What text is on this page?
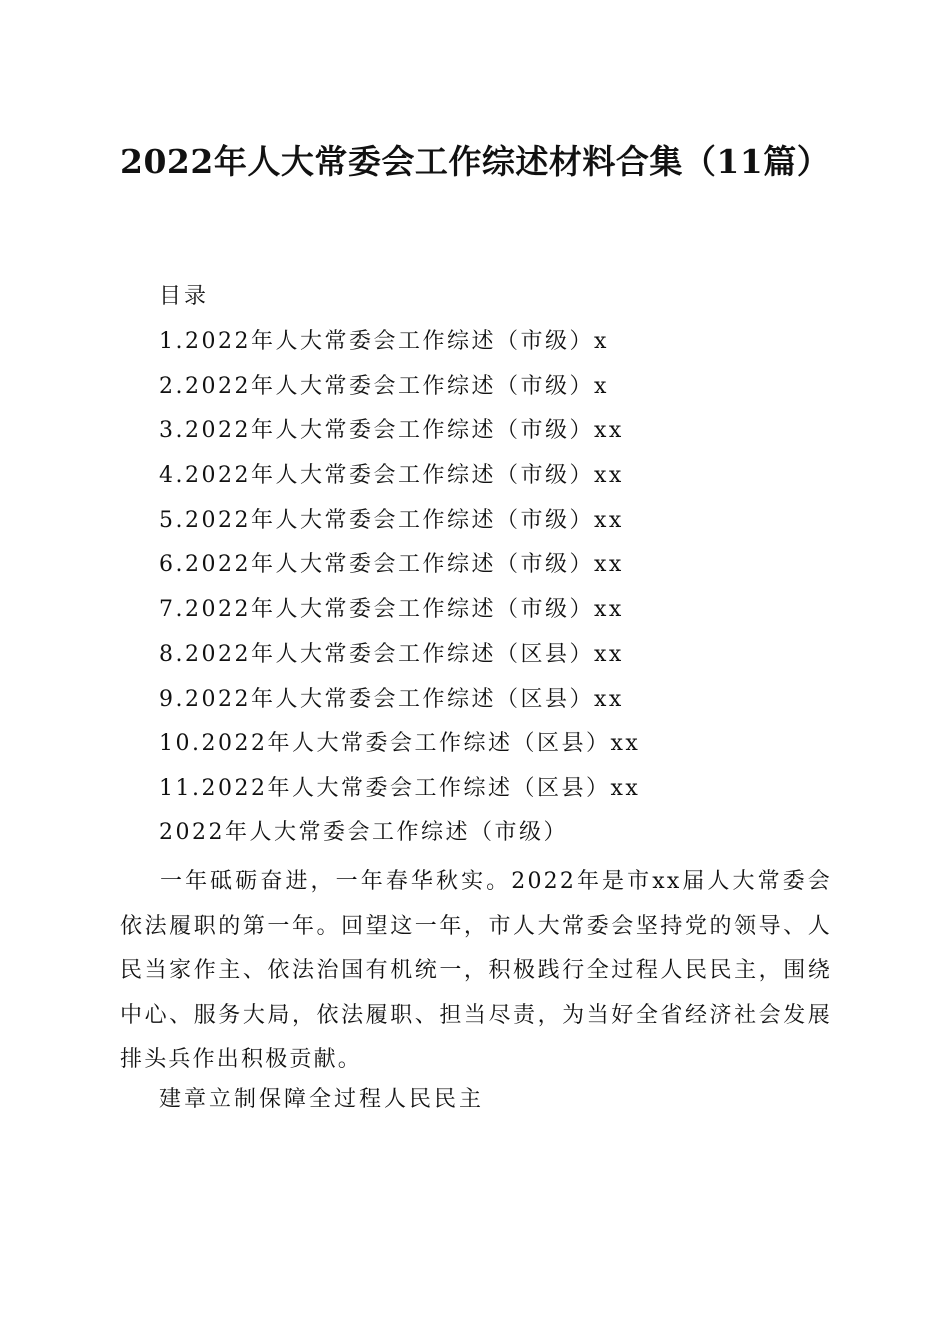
2022年人大常委会工作综述材料合集（11篇）
目录
1.2022年人大常委会工作综述（市级）x
2.2022年人大常委会工作综述（市级）x
3.2022年人大常委会工作综述（市级）xx
4.2022年人大常委会工作综述（市级）xx
5.2022年人大常委会工作综述（市级）xx
6.2022年人大常委会工作综述（市级）xx
7.2022年人大常委会工作综述（市级）xx
8.2022年人大常委会工作综述（区县）xx
9.2022年人大常委会工作综述（区县）xx
10.2022年人大常委会工作综述（区县）xx
11.2022年人大常委会工作综述（区县）xx
2022年人大常委会工作综述（市级）

一年砥砺奋进，一年春华秋实。2022年是市xx届人大常委会依法履职的第一年。回望这一年，市人大常委会坚持党的领导、人民当家作主、依法治国有机统一，积极践行全过程人民民主，围绕中心、服务大局，依法履职、担当尽责，为当好全省经济社会发展排头兵作出积极贡献。

建章立制保障全过程人民民主
